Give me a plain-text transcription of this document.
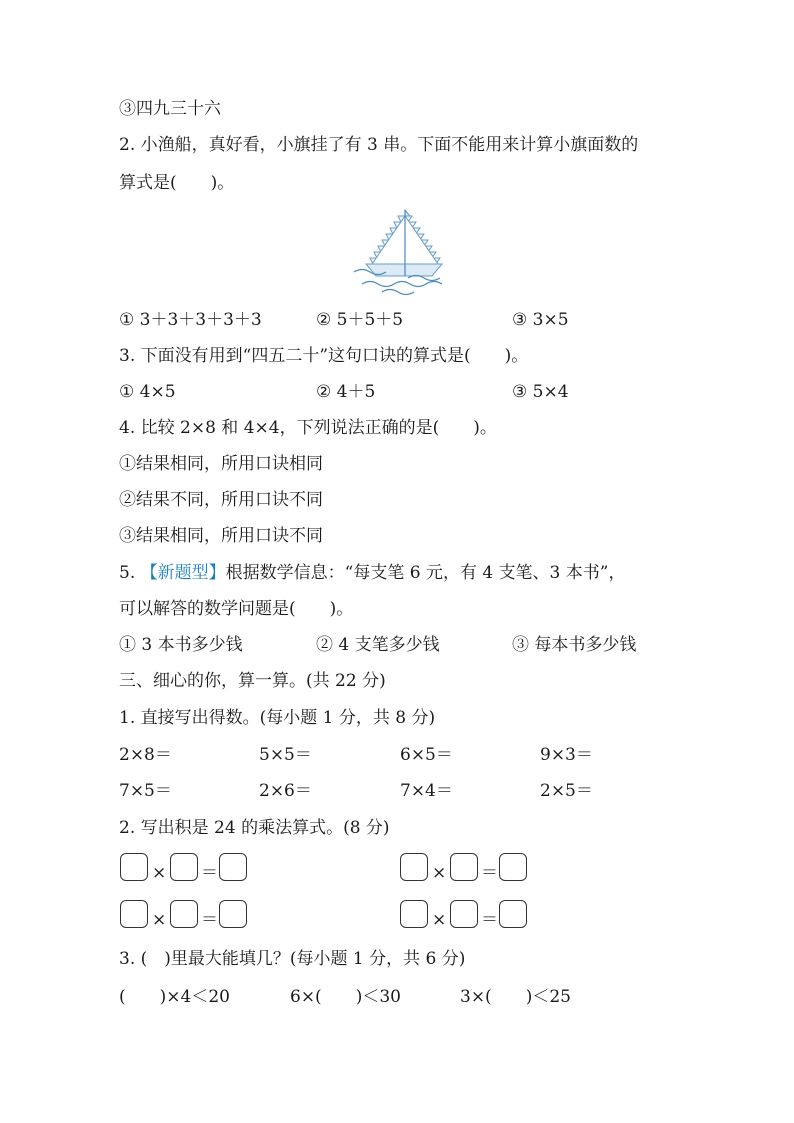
③四九三十六
2. 小渔船，真好看，小旗挂了有 3 串。下面不能用来计算小旗面数的
算式是(　　)。
① 3＋3＋3＋3＋3	② 5＋5＋5	③ 3×5
3. 下面没有用到“四五二十”这句口诀的算式是(　　)。
① 4×5	② 4＋5	③ 5×4
4. 比较 2×8 和 4×4，下列说法正确的是(　　)。
①结果相同，所用口诀相同
②结果不同，所用口诀不同
③结果相同，所用口诀不同
5. 【新题型】根据数学信息：“每支笔 6 元，有 4 支笔、3 本书”，
可以解答的数学问题是(　　)。
① 3 本书多少钱	② 4 支笔多少钱	③ 每本书多少钱
三、细心的你，算一算。(共 22 分)
1. 直接写出得数。(每小题 1 分，共 8 分)
2×8＝	5×5＝	6×5＝	9×3＝
7×5＝	2×6＝	7×4＝	2×5＝
2. 写出积是 24 的乘法算式。(8 分)
× ＝	× ＝
× ＝	× ＝
3. (　)里最大能填几？(每小题 1 分，共 6 分)
(　　)×4＜20	6×(　　)＜30	3×(　　)＜25
